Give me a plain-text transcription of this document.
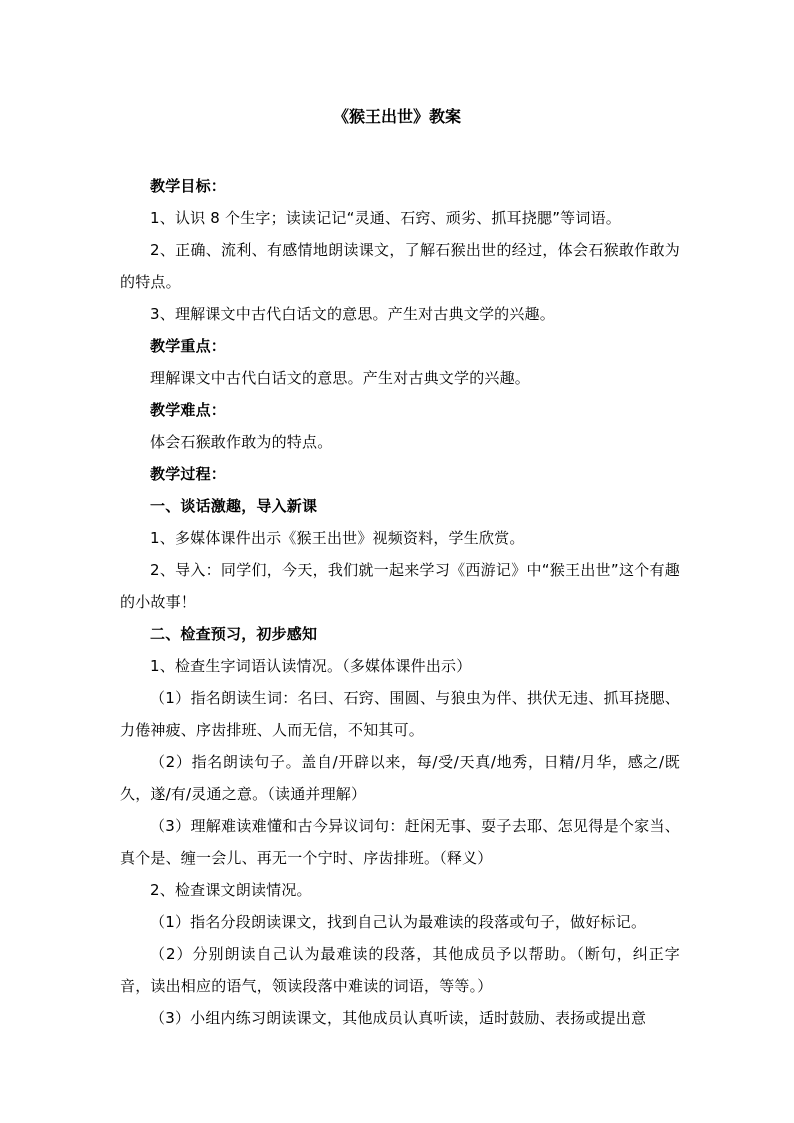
《猴王出世》教案

教学目标：

1、认识 8 个生字；读读记记“灵通、石窍、顽劣、抓耳挠腮”等词语。

2、正确、流利、有感情地朗读课文，了解石猴出世的经过，体会石猴敢作敢为的特点。

3、理解课文中古代白话文的意思。产生对古典文学的兴趣。

教学重点：

理解课文中古代白话文的意思。产生对古典文学的兴趣。

教学难点：

体会石猴敢作敢为的特点。

教学过程：

一、谈话激趣，导入新课

1、多媒体课件出示《猴王出世》视频资料，学生欣赏。

2、导入：同学们，今天，我们就一起来学习《西游记》中“猴王出世”这个有趣的小故事！

二、检查预习，初步感知

1、检查生字词语认读情况。（多媒体课件出示）

（1）指名朗读生词：名曰、石窍、围圆、与狼虫为伴、拱伏无违、抓耳挠腮、力倦神疲、序齿排班、人而无信，不知其可。

（2）指名朗读句子。盖自/开辟以来，每/受/天真/地秀，日精/月华，感之/既久，遂/有/灵通之意。（读通并理解）

（3）理解难读难懂和古今异议词句：赶闲无事、耍子去耶、怎见得是个家当、真个是、缠一会儿、再无一个宁时、序齿排班。（释义）

2、检查课文朗读情况。

（1）指名分段朗读课文，找到自己认为最难读的段落或句子，做好标记。

（2）分别朗读自己认为最难读的段落，其他成员予以帮助。（断句，纠正字音，读出相应的语气，领读段落中难读的词语，等等。）

（3）小组内练习朗读课文，其他成员认真听读，适时鼓励、表扬或提出意
